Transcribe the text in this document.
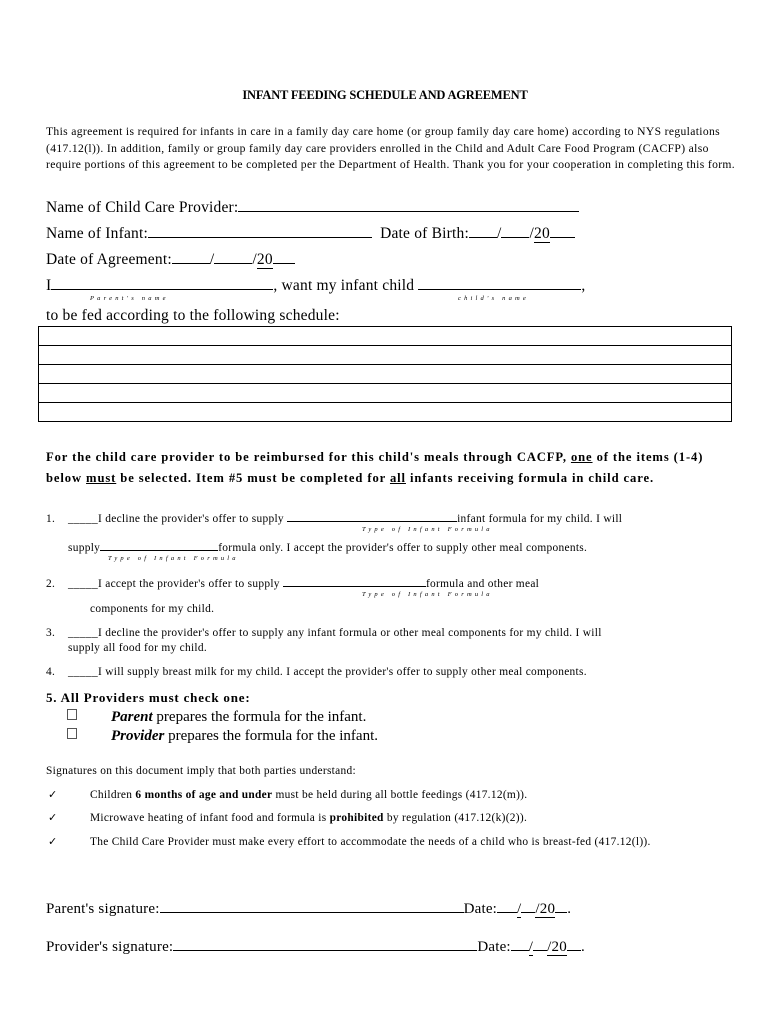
INFANT FEEDING SCHEDULE AND AGREEMENT
This agreement is required for infants in care in a family day care home (or group family day care home) according to NYS regulations (417.12(l)). In addition, family or group family day care providers enrolled in the Child and Adult Care Food Program (CACFP) also require portions of this agreement to be completed per the Department of Health. Thank you for your cooperation in completing this form.
Name of Child Care Provider:
Name of Infant:	Date of Birth: / /20
Date of Agreement: / /20
I	, want my infant child	,
Parent's name	child's name
to be fed according to the following schedule:

For the child care provider to be reimbursed for this child's meals through CACFP, one of the items (1-4) below must be selected. Item #5 must be completed for all infants receiving formula in child care.
1. _____I decline the provider's offer to supply	infant formula for my child. I will
Type of Infant Formula
supply	formula only. I accept the provider's offer to supply other meal components.
Type of Infant Formula
2. _____I accept the provider's offer to supply	formula and other meal
Type of Infant Formula
components for my child.
3. _____I decline the provider's offer to supply any infant formula or other meal components for my child. I will
supply all food for my child.
4. _____I will supply breast milk for my child. I accept the provider's offer to supply other meal components.
5. All Providers must check one:
Parent prepares the formula for the infant.
Provider prepares the formula for the infant.
Signatures on this document imply that both parties understand:
✓	Children 6 months of age and under must be held during all bottle feedings (417.12(m)).
✓	Microwave heating of infant food and formula is prohibited by regulation (417.12(k)(2)).
✓	The Child Care Provider must make every effort to accommodate the needs of a child who is breast-fed (417.12(l)).
Parent's signature:	Date: / /20 .
Provider's signature:	Date: / /20 .
